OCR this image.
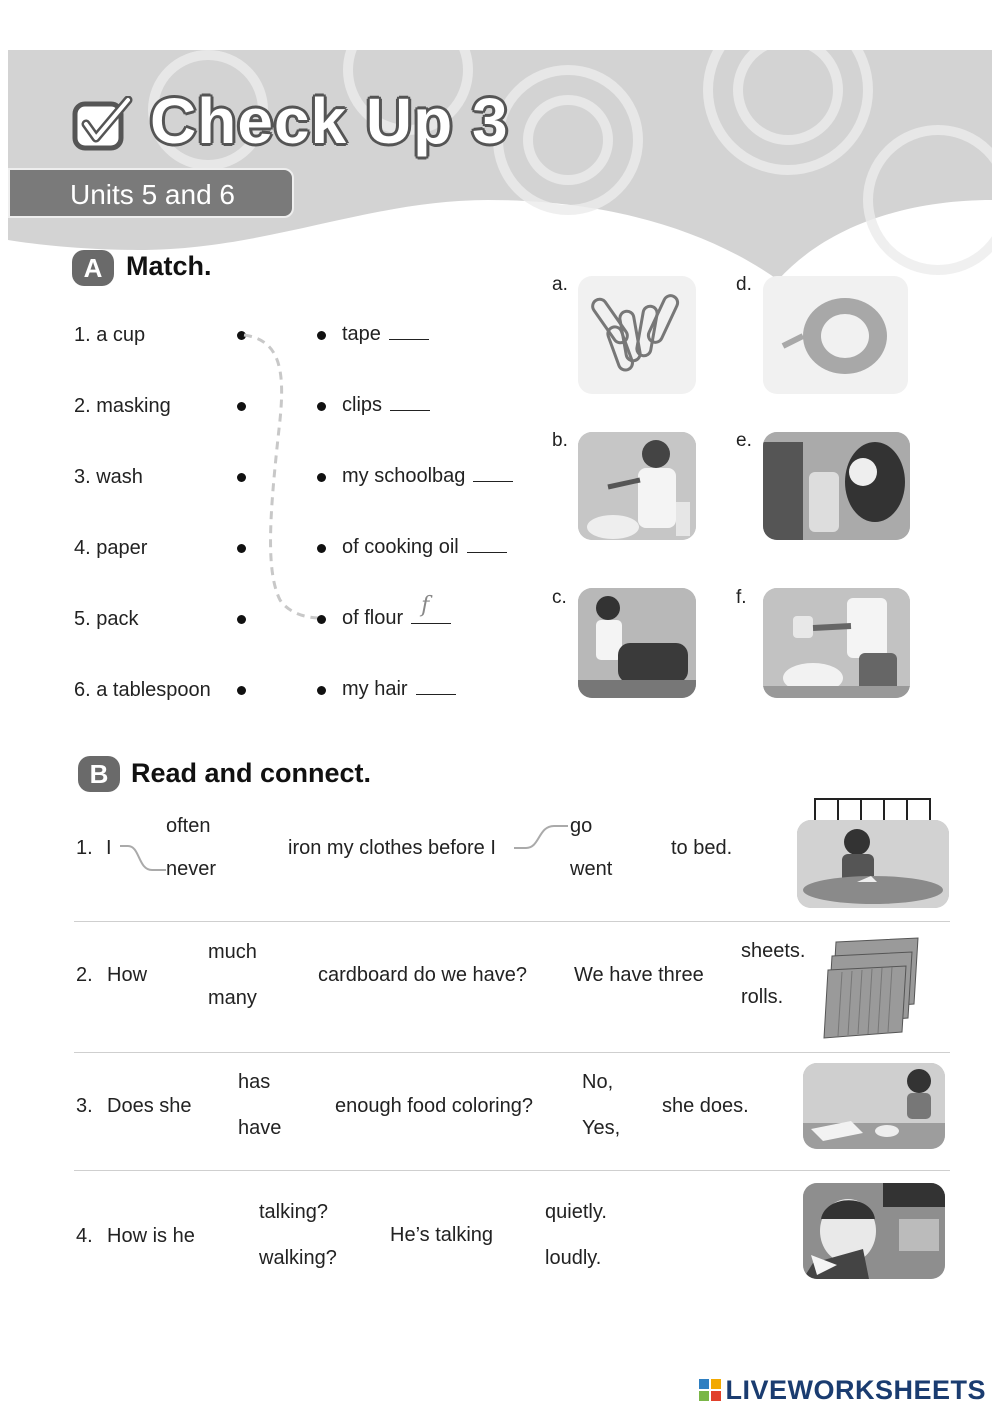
Check Up 3
Units 5 and 6
A Match.
1. a cup
2. masking
3. wash
4. paper
5. pack
6. a tablespoon
tape
clips
my schoolbag
of cooking oil
of flour f
my hair
a.
b.
c.
d.
e.
f.
B Read and connect.
1. I
often
never
iron my clothes before I
go
went
to bed.
2. How
much
many
cardboard do we have? We have three
sheets.
rolls.
3. Does she
has
have
enough food coloring?
No,
Yes,
she does.
4. How is he
talking?
walking?
He’s talking
quietly.
loudly.
LIVEWORKSHEETS
